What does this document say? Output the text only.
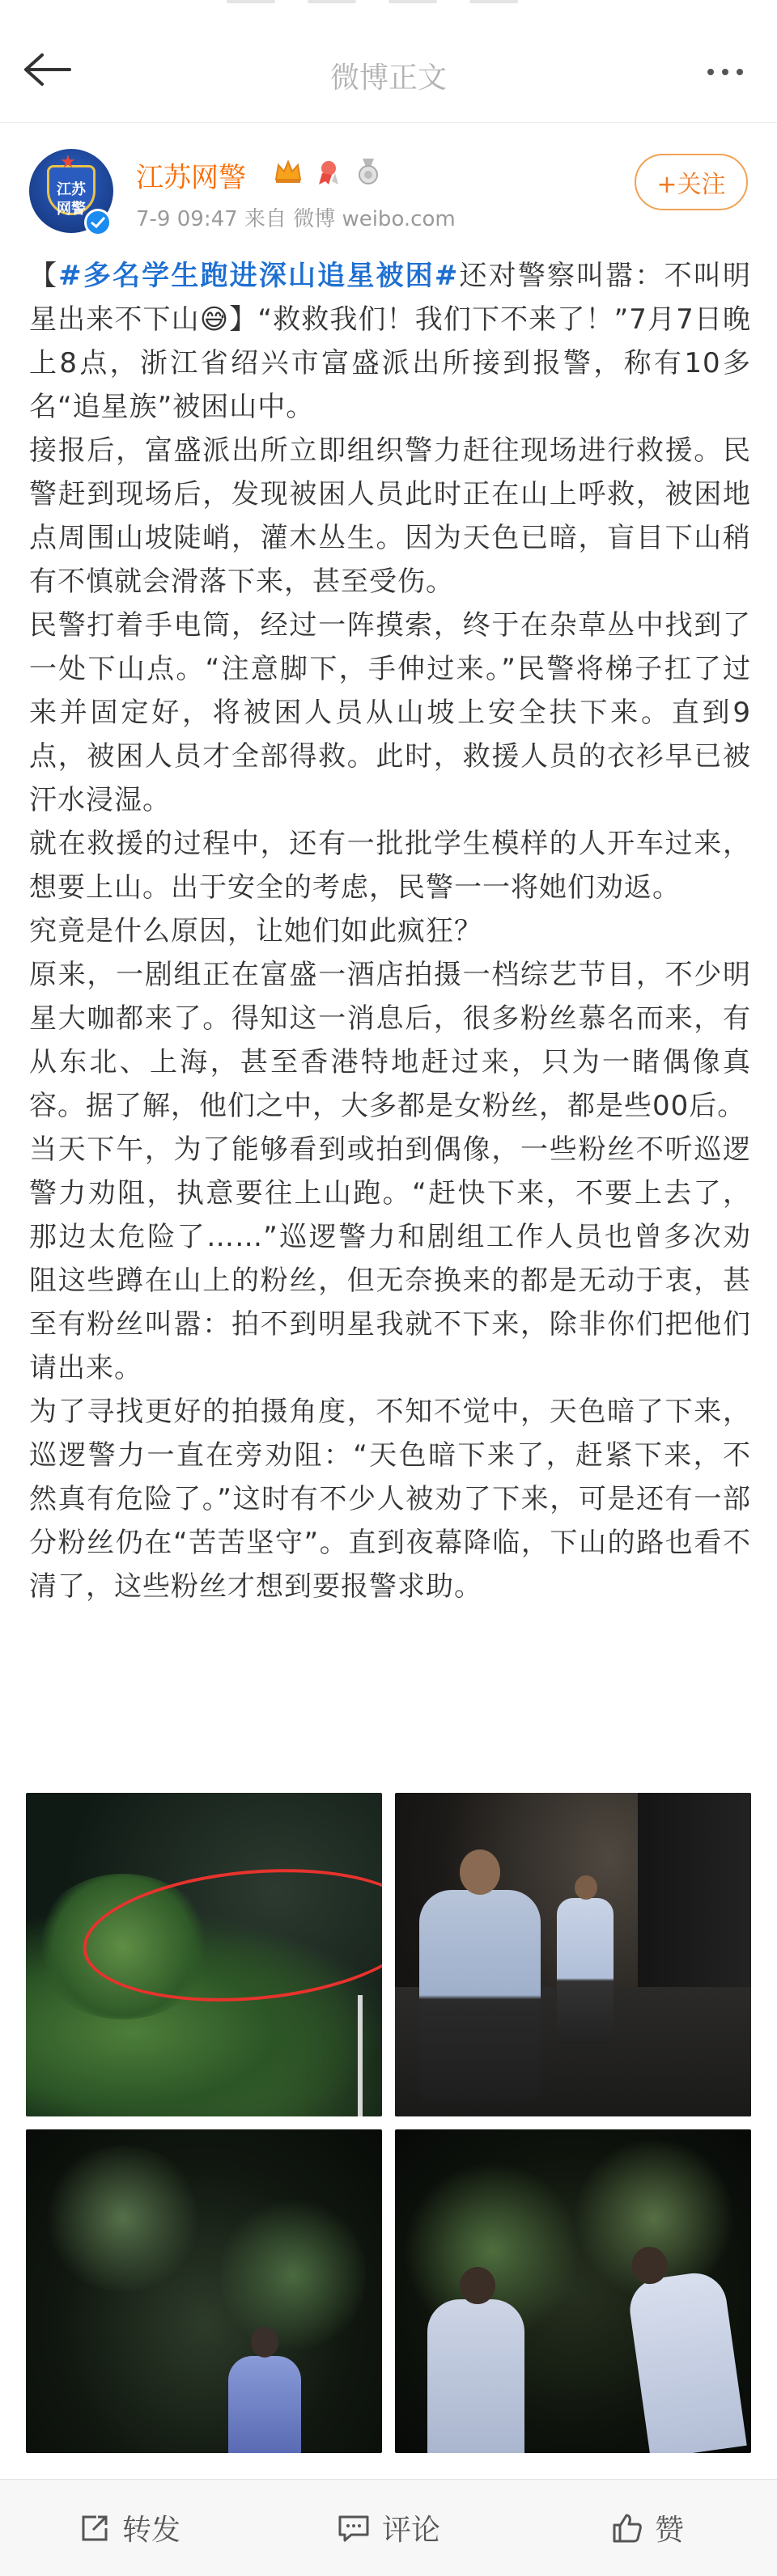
微博正文
★
江苏
网警
江苏网警
7-9 09:47 来自 微博 weibo.com
+关注

【#多名学生跑进深山追星被困#还对警察叫嚣：不叫明星出来不下山😅】“救救我们！我们下不来了！”7月7日晚上8点，浙江省绍兴市富盛派出所接到报警，称有10多名“追星族”被困山中。

接报后，富盛派出所立即组织警力赶往现场进行救援。民警赶到现场后，发现被困人员此时正在山上呼救，被困地点周围山坡陡峭，灌木丛生。因为天色已暗，盲目下山稍有不慎就会滑落下来，甚至受伤。

民警打着手电筒，经过一阵摸索，终于在杂草丛中找到了一处下山点。“注意脚下，手伸过来。”民警将梯子扛了过来并固定好，将被困人员从山坡上安全扶下来。直到9点，被困人员才全部得救。此时，救援人员的衣衫早已被汗水浸湿。

就在救援的过程中，还有一批批学生模样的人开车过来，想要上山。出于安全的考虑，民警一一将她们劝返。

究竟是什么原因，让她们如此疯狂？

原来，一剧组正在富盛一酒店拍摄一档综艺节目，不少明星大咖都来了。得知这一消息后，很多粉丝慕名而来，有从东北、上海，甚至香港特地赶过来，只为一睹偶像真容。据了解，他们之中，大多都是女粉丝，都是些00后。

当天下午，为了能够看到或拍到偶像，一些粉丝不听巡逻警力劝阻，执意要往上山跑。“赶快下来，不要上去了，那边太危险了……”巡逻警力和剧组工作人员也曾多次劝阻这些蹲在山上的粉丝，但无奈换来的都是无动于衷，甚至有粉丝叫嚣：拍不到明星我就不下来，除非你们把他们请出来。

为了寻找更好的拍摄角度，不知不觉中，天色暗了下来，巡逻警力一直在旁劝阻：“天色暗下来了，赶紧下来，不然真有危险了。”这时有不少人被劝了下来，可是还有一部分粉丝仍在“苦苦坚守”。直到夜幕降临，下山的路也看不清了，这些粉丝才想到要报警求助。

转发	评论	赞
